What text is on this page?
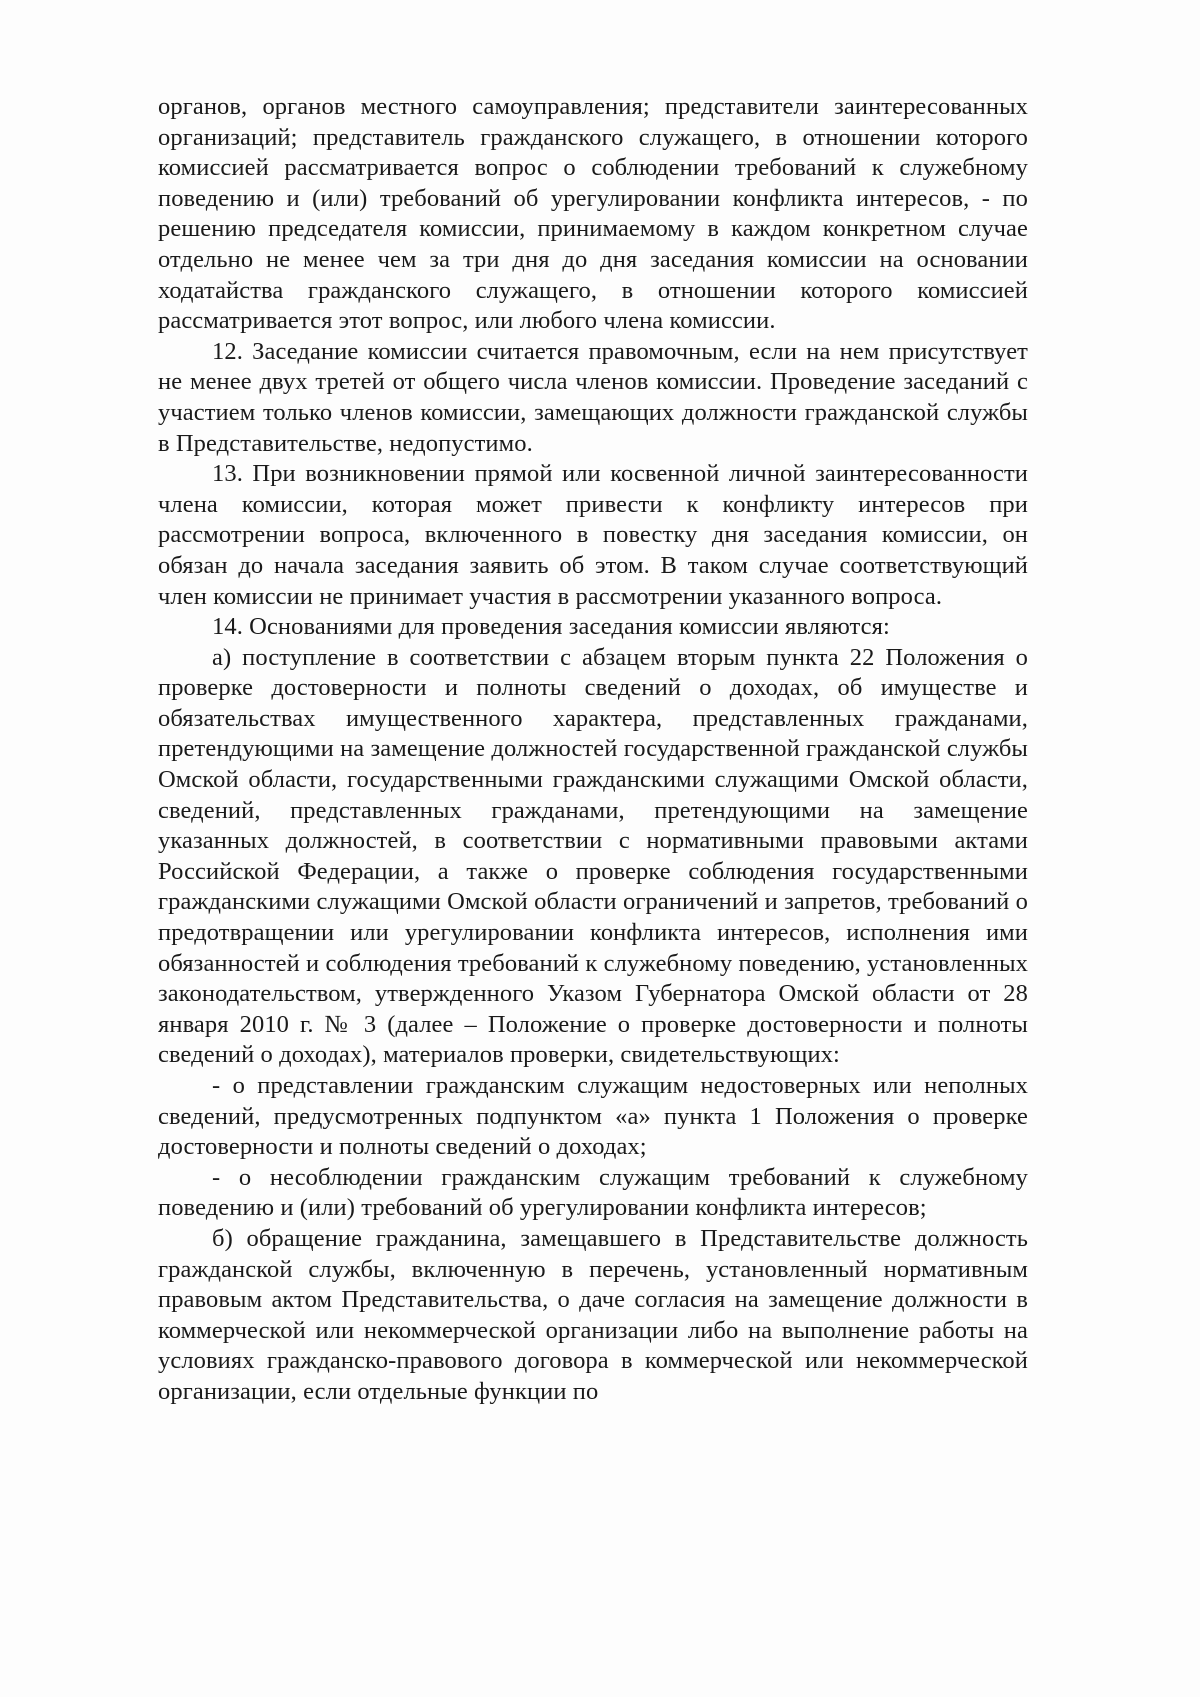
органов, органов местного самоуправления; представители заинтересованных организаций; представитель гражданского служащего, в отношении которого комиссией рассматривается вопрос о соблюдении требований к служебному поведению и (или) требований об урегулировании конфликта интересов, - по решению председателя комиссии, принимаемому в каждом конкретном случае отдельно не менее чем за три дня до дня заседания комиссии на основании ходатайства гражданского служащего, в отношении которого комиссией рассматривается этот вопрос, или любого члена комиссии.

12. Заседание комиссии считается правомочным, если на нем присутствует не менее двух третей от общего числа членов комиссии. Проведение заседаний с участием только членов комиссии, замещающих должности гражданской службы в Представительстве, недопустимо.

13. При возникновении прямой или косвенной личной заинтересованности члена комиссии, которая может привести к конфликту интересов при рассмотрении вопроса, включенного в повестку дня заседания комиссии, он обязан до начала заседания заявить об этом. В таком случае соответствующий член комиссии не принимает участия в рассмотрении указанного вопроса.

14. Основаниями для проведения заседания комиссии являются:

а) поступление в соответствии с абзацем вторым пункта 22 Положения о проверке достоверности и полноты сведений о доходах, об имуществе и обязательствах имущественного характера, представленных гражданами, претендующими на замещение должностей государственной гражданской службы Омской области, государственными гражданскими служащими Омской области, сведений, представленных гражданами, претендующими на замещение указанных должностей, в соответствии с нормативными правовыми актами Российской Федерации, а также о проверке соблюдения государственными гражданскими служащими Омской области ограничений и запретов, требований о предотвращении или урегулировании конфликта интересов, исполнения ими обязанностей и соблюдения требований к служебному поведению, установленных законодательством, утвержденного Указом Губернатора Омской области от 28 января 2010 г. № 3 (далее – Положение о проверке достоверности и полноты сведений о доходах), материалов проверки, свидетельствующих:

- о представлении гражданским служащим недостоверных или неполных сведений, предусмотренных подпунктом «а» пункта 1 Положения о проверке достоверности и полноты сведений о доходах;

- о несоблюдении гражданским служащим требований к служебному поведению и (или) требований об урегулировании конфликта интересов;

б) обращение гражданина, замещавшего в Представительстве должность гражданской службы, включенную в перечень, установленный нормативным правовым актом Представительства, о даче согласия на замещение должности в коммерческой или некоммерческой организации либо на выполнение работы на условиях гражданско-правового договора в коммерческой или некоммерческой организации, если отдельные функции по
